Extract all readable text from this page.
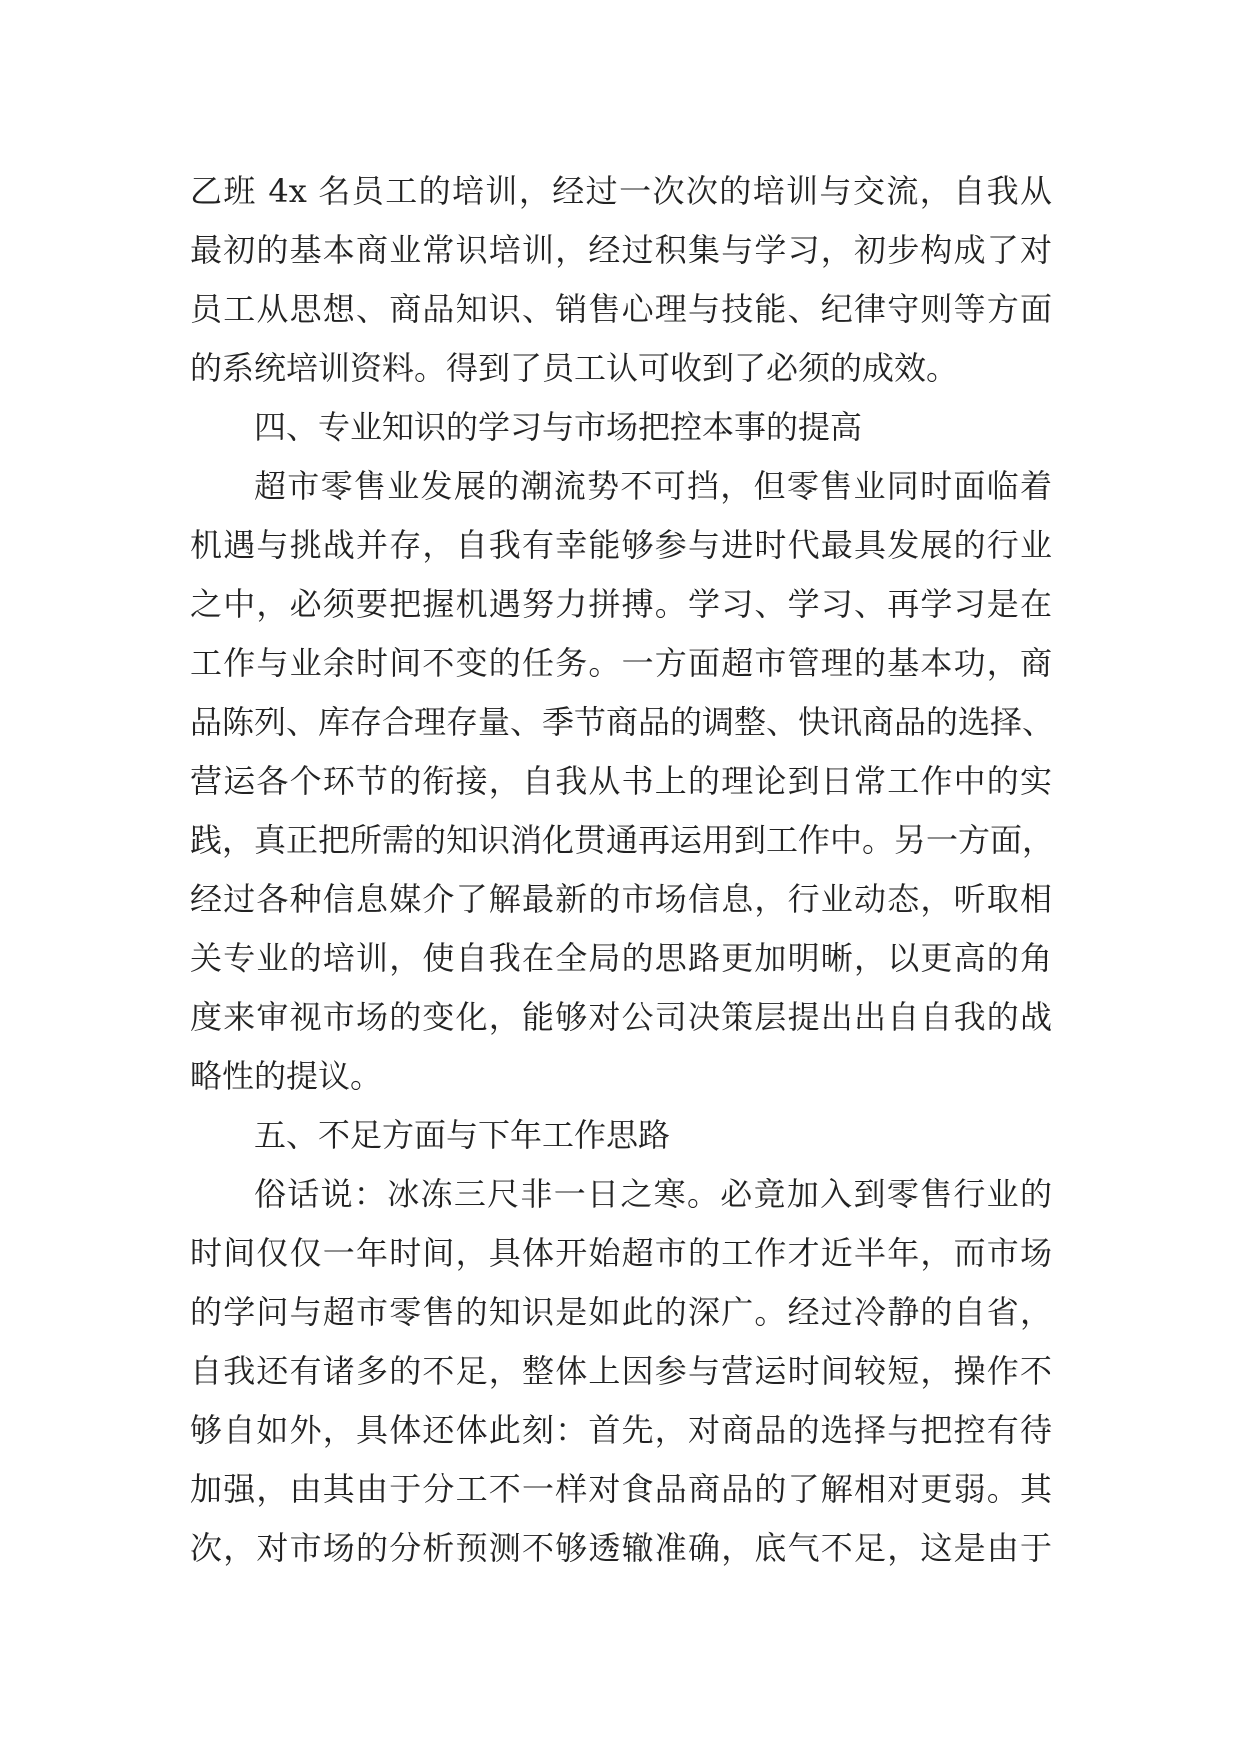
乙班 4x 名员工的培训，经过一次次的培训与交流，自我从
最初的基本商业常识培训，经过积集与学习，初步构成了对
员工从思想、商品知识、销售心理与技能、纪律守则等方面
的系统培训资料。得到了员工认可收到了必须的成效。
四、专业知识的学习与市场把控本事的提高
超市零售业发展的潮流势不可挡，但零售业同时面临着
机遇与挑战并存，自我有幸能够参与进时代最具发展的行业
之中，必须要把握机遇努力拼搏。学习、学习、再学习是在
工作与业余时间不变的任务。一方面超市管理的基本功，商
品陈列、库存合理存量、季节商品的调整、快讯商品的选择、
营运各个环节的衔接，自我从书上的理论到日常工作中的实
践，真正把所需的知识消化贯通再运用到工作中。另一方面，
经过各种信息媒介了解最新的市场信息，行业动态，听取相
关专业的培训，使自我在全局的思路更加明晰，以更高的角
度来审视市场的变化，能够对公司决策层提出出自自我的战
略性的提议。
五、不足方面与下年工作思路
俗话说：冰冻三尺非一日之寒。必竟加入到零售行业的
时间仅仅一年时间，具体开始超市的工作才近半年，而市场
的学问与超市零售的知识是如此的深广。经过冷静的自省，
自我还有诸多的不足，整体上因参与营运时间较短，操作不
够自如外，具体还体此刻：首先，对商品的选择与把控有待
加强，由其由于分工不一样对食品商品的了解相对更弱。其
次，对市场的分析预测不够透辙准确，底气不足，这是由于
